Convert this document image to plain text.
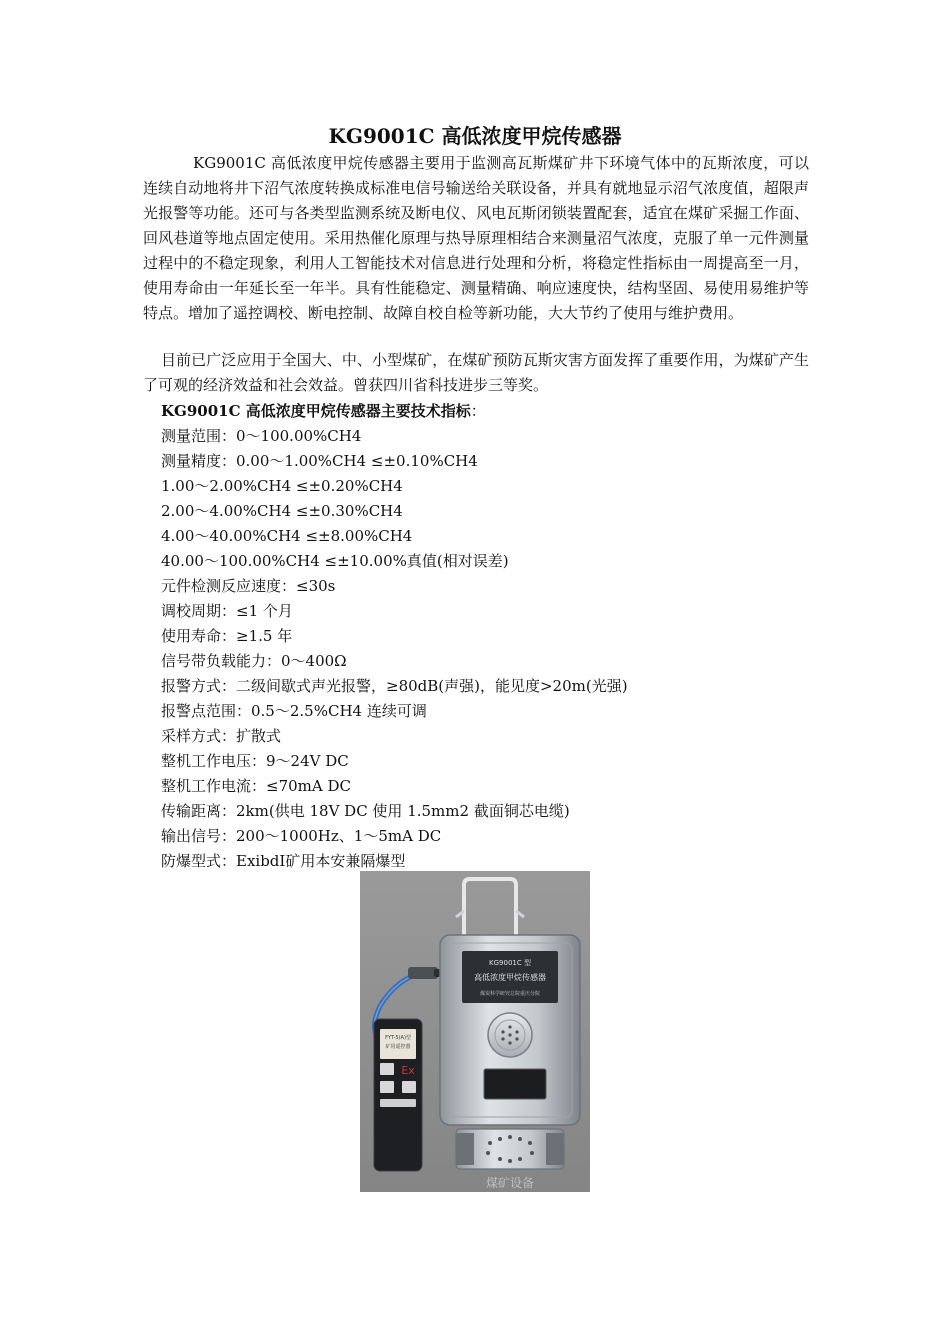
KG9001C 高低浓度甲烷传感器

KG9001C 高低浓度甲烷传感器主要用于监测高瓦斯煤矿井下环境气体中的瓦斯浓度，可以连续自动地将井下沼气浓度转换成标准电信号输送给关联设备，并具有就地显示沼气浓度值，超限声光报警等功能。还可与各类型监测系统及断电仪、风电瓦斯闭锁装置配套，适宜在煤矿采掘工作面、回风巷道等地点固定使用。采用热催化原理与热导原理相结合来测量沼气浓度，克服了单一元件测量过程中的不稳定现象，利用人工智能技术对信息进行处理和分析，将稳定性指标由一周提高至一月，使用寿命由一年延长至一年半。具有性能稳定、测量精确、响应速度快，结构坚固、易使用易维护等特点。增加了遥控调校、断电控制、故障自校自检等新功能，大大节约了使用与维护费用。

目前已广泛应用于全国大、中、小型煤矿，在煤矿预防瓦斯灾害方面发挥了重要作用，为煤矿产生了可观的经济效益和社会效益。曾获四川省科技进步三等奖。

KG9001C 高低浓度甲烷传感器主要技术指标：
测量范围：0～100.00%CH4
测量精度：0.00～1.00%CH4 ≤±0.10%CH4
1.00～2.00%CH4 ≤±0.20%CH4
2.00～4.00%CH4 ≤±0.30%CH4
4.00～40.00%CH4 ≤±8.00%CH4
40.00～100.00%CH4 ≤±10.00%真值(相对误差)
元件检测反应速度：≤30s
调校周期：≤1 个月
使用寿命：≥1.5 年
信号带负载能力：0～400Ω
报警方式：二级间歇式声光报警，≥80dB(声强)，能见度>20m(光强)
报警点范围：0.5～2.5%CH4 连续可调
采样方式：扩散式
整机工作电压：9～24V DC
整机工作电流：≤70mA DC
传输距离：2km(供电 18V DC 使用 1.5mm2 截面铜芯电缆)
输出信号：200～1000Hz、1～5mA DC
防爆型式：ExibdⅠ矿用本安兼隔爆型
KG9001C 型
高低浓度甲烷传感器
煤炭科学研究总院重庆分院
FYT-5(A)型
矿用遥控器
Ex
煤矿设备
